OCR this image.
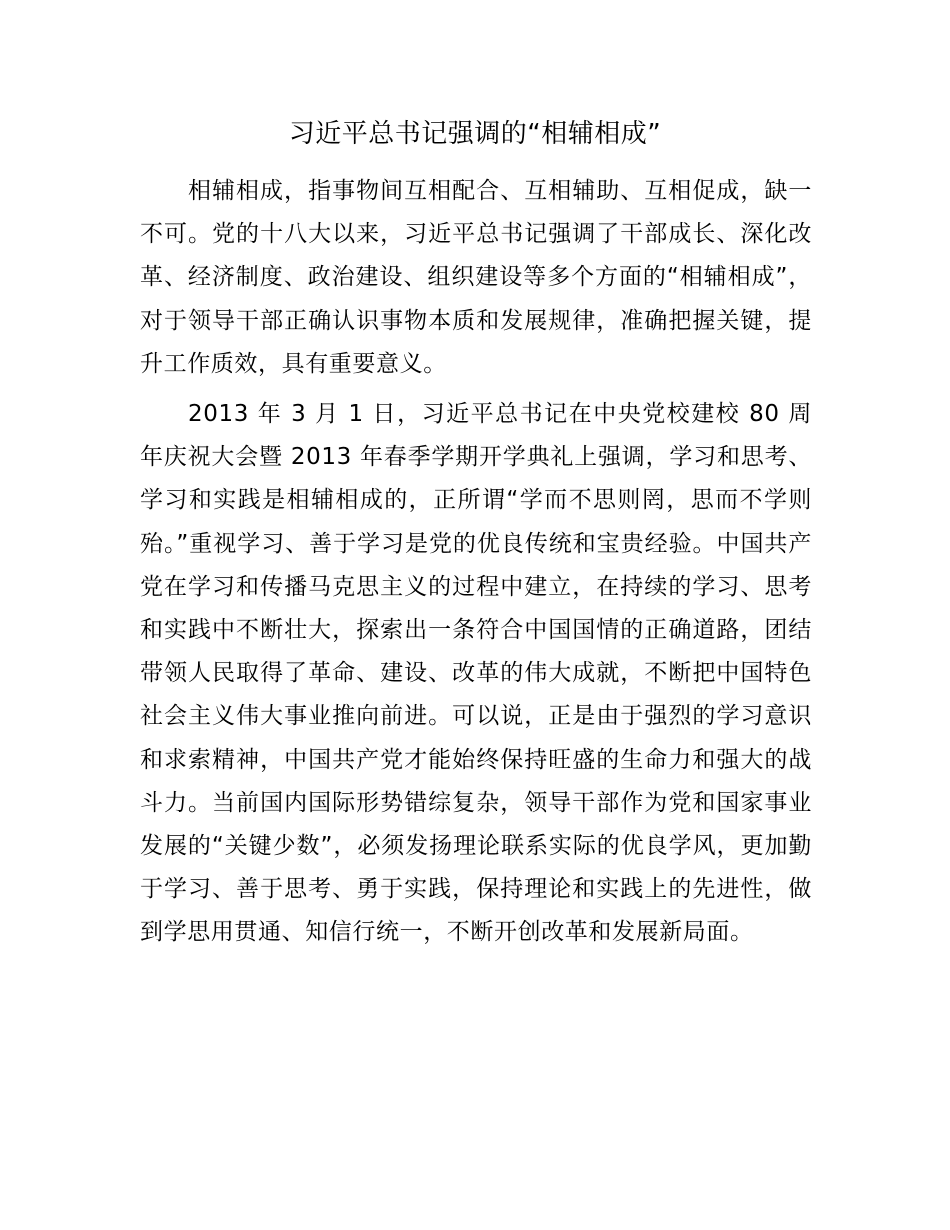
习近平总书记强调的“相辅相成”

相辅相成，指事物间互相配合、互相辅助、互相促成，缺一不可。党的十八大以来，习近平总书记强调了干部成长、深化改革、经济制度、政治建设、组织建设等多个方面的“相辅相成”，对于领导干部正确认识事物本质和发展规律，准确把握关键，提升工作质效，具有重要意义。

2013 年 3 月 1 日，习近平总书记在中央党校建校 80 周年庆祝大会暨 2013 年春季学期开学典礼上强调，学习和思考、学习和实践是相辅相成的，正所谓“学而不思则罔，思而不学则殆。”重视学习、善于学习是党的优良传统和宝贵经验。中国共产党在学习和传播马克思主义的过程中建立，在持续的学习、思考和实践中不断壮大，探索出一条符合中国国情的正确道路，团结带领人民取得了革命、建设、改革的伟大成就，不断把中国特色社会主义伟大事业推向前进。可以说，正是由于强烈的学习意识和求索精神，中国共产党才能始终保持旺盛的生命力和强大的战斗力。当前国内国际形势错综复杂，领导干部作为党和国家事业发展的“关键少数”，必须发扬理论联系实际的优良学风，更加勤于学习、善于思考、勇于实践，保持理论和实践上的先进性，做到学思用贯通、知信行统一，不断开创改革和发展新局面。
